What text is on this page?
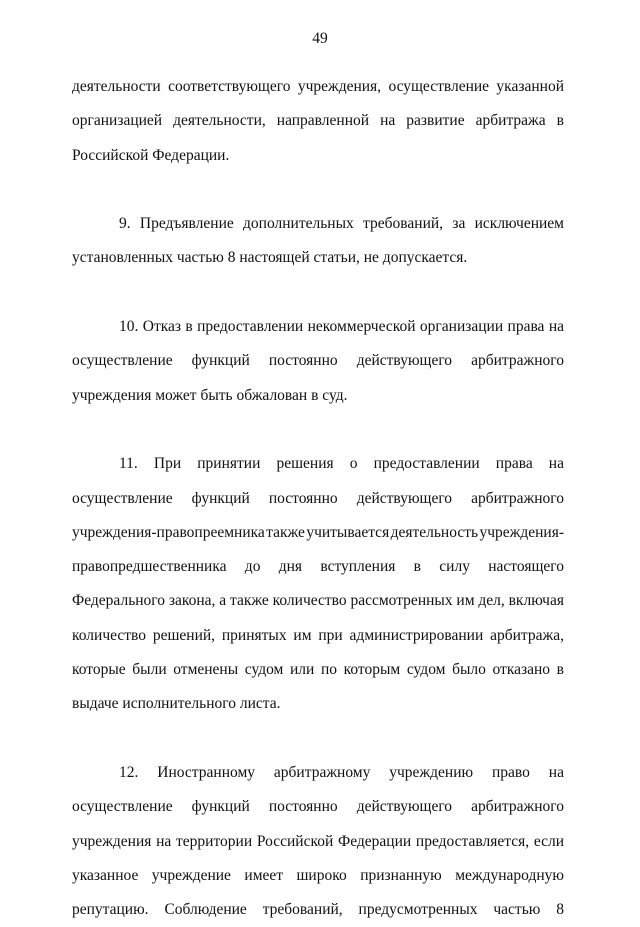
49
деятельности соответствующего учреждения, осуществление указанной
организацией деятельности, направленной на развитие арбитража в
Российской Федерации.
9. Предъявление дополнительных требований, за исключением
установленных частью 8 настоящей статьи, не допускается.
10. Отказ в предоставлении некоммерческой организации права на
осуществление функций постоянно действующего арбитражного
учреждения может быть обжалован в суд.
11. При принятии решения о предоставлении права на
осуществление функций постоянно действующего арбитражного
учреждения-правопреемника также учитывается деятельность учреждения-
правопредшественника до дня вступления в силу настоящего
Федерального закона, а также количество рассмотренных им дел, включая
количество решений, принятых им при администрировании арбитража,
которые были отменены судом или по которым судом было отказано в
выдаче исполнительного листа.
12. Иностранному арбитражному учреждению право на
осуществление функций постоянно действующего арбитражного
учреждения на территории Российской Федерации предоставляется, если
указанное учреждение имеет широко признанную международную
репутацию. Соблюдение требований, предусмотренных частью 8
